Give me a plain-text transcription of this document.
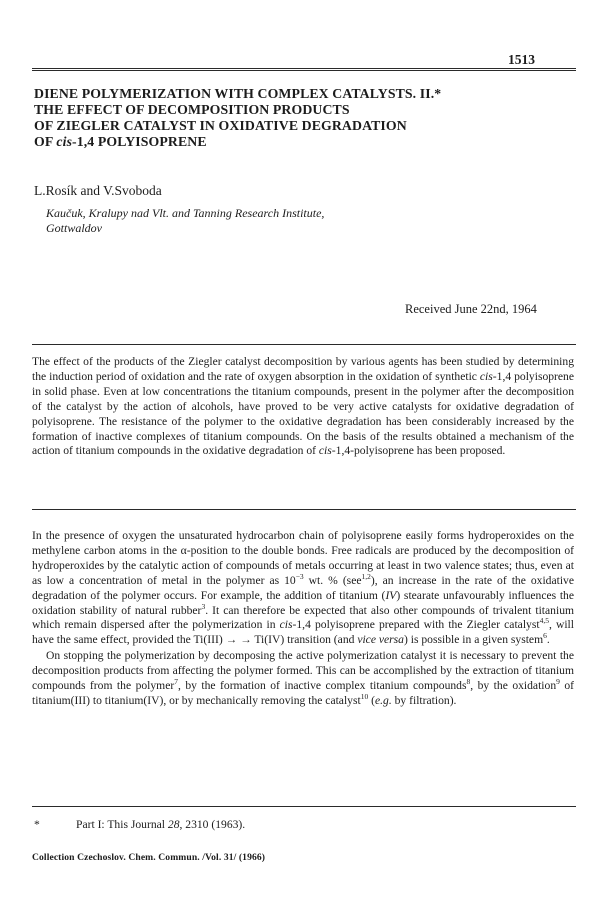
1513
DIENE POLYMERIZATION WITH COMPLEX CATALYSTS. II.*
THE EFFECT OF DECOMPOSITION PRODUCTS
OF ZIEGLER CATALYST IN OXIDATIVE DEGRADATION
OF cis-1,4 POLYISOPRENE
L.Rosík and V.Svoboda
Kaučuk, Kralupy nad Vlt. and Tanning Research Institute,
Gottwaldov
Received June 22nd, 1964
The effect of the products of the Ziegler catalyst decomposition by various agents has been studied by determining the induction period of oxidation and the rate of oxygen absorption in the oxidation of synthetic cis-1,4 polyisoprene in solid phase. Even at low concentrations the titanium compounds, present in the polymer after the decomposition of the catalyst by the action of alcohols, have proved to be very active catalysts for oxidative degradation of polyisoprene. The resistance of the polymer to the oxidative degradation has been considerably increased by the formation of inactive complexes of titanium compounds. On the basis of the results obtained a mechanism of the action of titanium compounds in the oxidative degradation of cis-1,4-polyisoprene has been proposed.

In the presence of oxygen the unsaturated hydrocarbon chain of polyisoprene easily forms hydroperoxides on the methylene carbon atoms in the α-position to the double bonds. Free radicals are produced by the decomposition of hydroperoxides by the catalytic action of compounds of metals occurring at least in two valence states; thus, even at as low a concentration of metal in the polymer as $10^{-3}$ wt. % (see$^{1,2}$), an increase in the rate of the oxidative degradation of the polymer occurs. For example, the addition of titanium (IV) stearate unfavourably influences the oxidation stability of natural rubber$^3$. It can therefore be expected that also other compounds of trivalent titanium which remain dispersed after the polymerization in cis-1,4 polyisoprene prepared with the Ziegler catalyst$^{4,5}$, will have the same effect, provided the Ti(III) → → Ti(IV) transition (and vice versa) is possible in a given system$^6$.

On stopping the polymerization by decomposing the active polymerization catalyst it is necessary to prevent the decomposition products from affecting the polymer formed. This can be accomplished by the extraction of titanium compounds from the polymer$^7$, by the formation of inactive complex titanium compounds$^8$, by the oxidation$^9$ of titanium(III) to titanium(IV), or by mechanically removing the catalyst$^{10}$ (e.g. by filtration).

*	Part I: This Journal 28, 2310 (1963).
Collection Czechoslov. Chem. Commun. /Vol. 31/ (1966)
